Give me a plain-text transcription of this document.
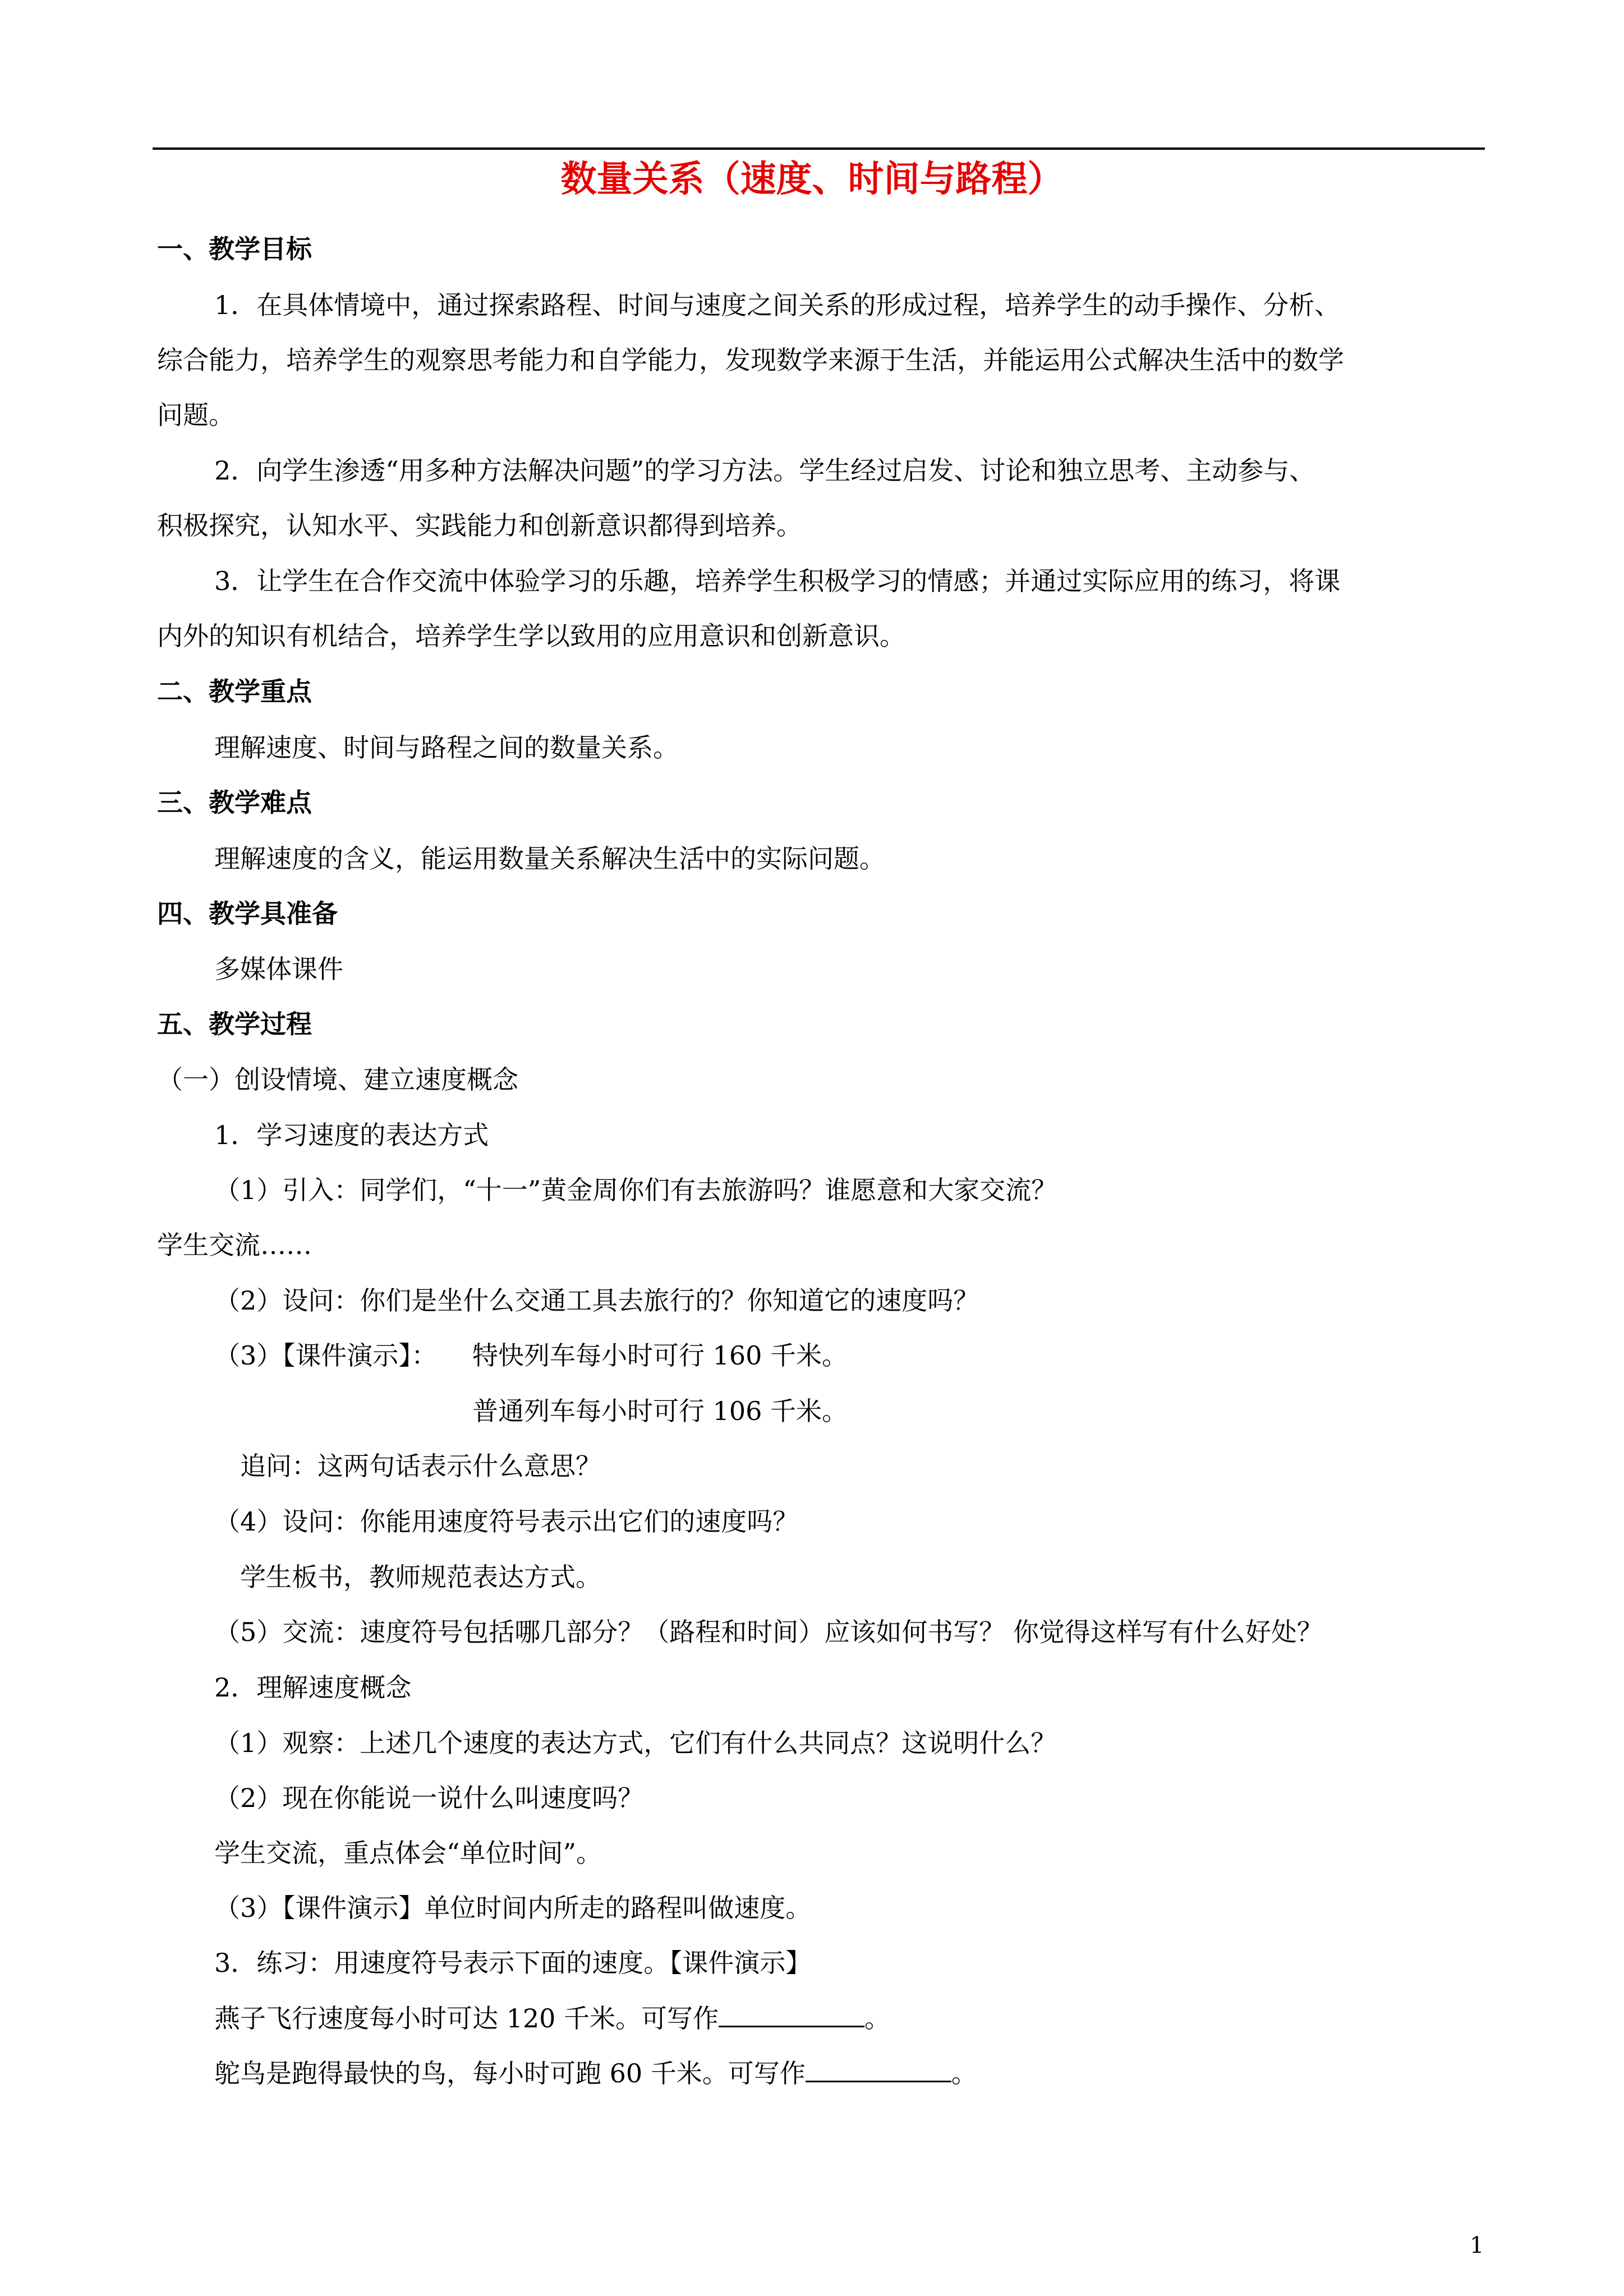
数量关系（速度、时间与路程）
一、教学目标
1．在具体情境中，通过探索路程、时间与速度之间关系的形成过程，培养学生的动手操作、分析、
综合能力，培养学生的观察思考能力和自学能力，发现数学来源于生活，并能运用公式解决生活中的数学
问题。
2．向学生渗透“用多种方法解决问题”的学习方法。学生经过启发、讨论和独立思考、主动参与、
积极探究，认知水平、实践能力和创新意识都得到培养。
3．让学生在合作交流中体验学习的乐趣，培养学生积极学习的情感；并通过实际应用的练习，将课
内外的知识有机结合，培养学生学以致用的应用意识和创新意识。
二、教学重点
理解速度、时间与路程之间的数量关系。
三、教学难点
理解速度的含义，能运用数量关系解决生活中的实际问题。
四、教学具准备
多媒体课件
五、教学过程
（一）创设情境、建立速度概念
1．学习速度的表达方式
（1）引入：同学们，“十一”黄金周你们有去旅游吗？谁愿意和大家交流？
学生交流……
（2）设问：你们是坐什么交通工具去旅行的？你知道它的速度吗？
（3）【课件演示】： 特快列车每小时可行 160 千米。
普通列车每小时可行 106 千米。
追问：这两句话表示什么意思？
（4）设问：你能用速度符号表示出它们的速度吗？
学生板书，教师规范表达方式。
（5）交流：速度符号包括哪几部分？（路程和时间）应该如何书写？ 你觉得这样写有什么好处？
2．理解速度概念
（1）观察：上述几个速度的表达方式，它们有什么共同点？这说明什么？
（2）现在你能说一说什么叫速度吗？
学生交流，重点体会“单位时间”。
（3）【课件演示】单位时间内所走的路程叫做速度。
3．练习：用速度符号表示下面的速度。【课件演示】
燕子飞行速度每小时可达 120 千米。可写作	。
鸵鸟是跑得最快的鸟，每小时可跑 60 千米。可写作	。
1
